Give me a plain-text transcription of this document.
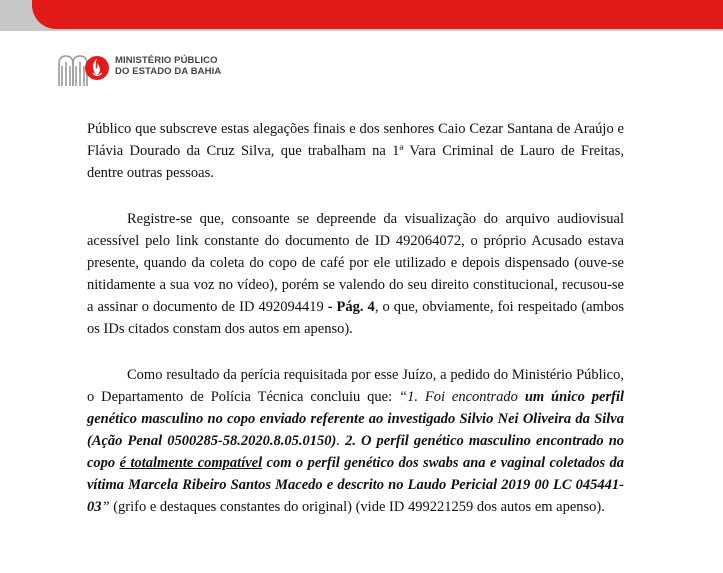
MINISTÉRIO PÚBLICO
DO ESTADO DA BAHIA

Público que subscreve estas alegações finais e dos senhores Caio Cezar Santana de Araújo e Flávia Dourado da Cruz Silva, que trabalham na 1ª Vara Criminal de Lauro de Freitas, dentre outras pessoas.

Registre-se que, consoante se depreende da visualização do arquivo audiovisual acessível pelo link constante do documento de ID 492064072, o próprio Acusado estava presente, quando da coleta do copo de café por ele utilizado e depois dispensado (ouve-se nitidamente a sua voz no vídeo), porém se valendo do seu direito constitucional, recusou-se a assinar o documento de ID 492094419 - Pág. 4, o que, obviamente, foi respeitado (ambos os IDs citados constam dos autos em apenso).

Como resultado da perícia requisitada por esse Juízo, a pedido do Ministério Público, o Departamento de Polícia Técnica concluiu que: “1. Foi encontrado um único perfil genético masculino no copo enviado referente ao investigado Silvio Nei Oliveira da Silva (Ação Penal 0500285-58.2020.8.05.0150). 2. O perfil genético masculino encontrado no copo é totalmente compatível com o perfil genético dos swabs ana e vaginal coletados da vítima Marcela Ribeiro Santos Macedo e descrito no Laudo Pericial 2019 00 LC 045441-03” (grifo e destaques constantes do original) (vide ID 499221259 dos autos em apenso).
